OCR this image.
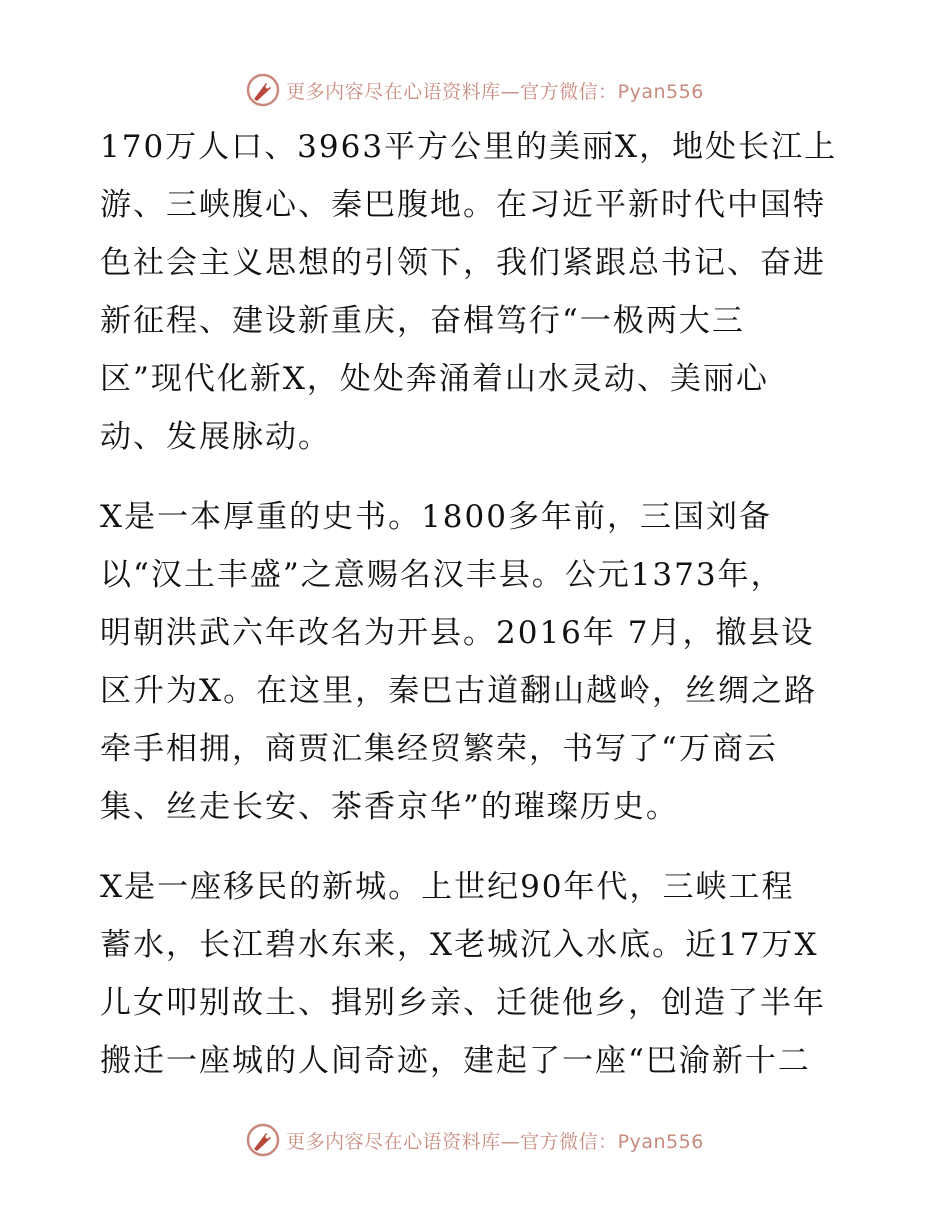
更多内容尽在心语资料库—官方微信：Pyan556
170万人口、3963平方公里的美丽X，地处长江上
游、三峡腹心、秦巴腹地。在习近平新时代中国特
色社会主义思想的引领下，我们紧跟总书记、奋进
新征程、建设新重庆，奋楫笃行“一极两大三
区”现代化新X，处处奔涌着山水灵动、美丽心
动、发展脉动。
X是一本厚重的史书。1800多年前，三国刘备
以“汉土丰盛”之意赐名汉丰县。公元1373年，
明朝洪武六年改名为开县。2016年 7月，撤县设
区升为X。在这里，秦巴古道翻山越岭，丝绸之路
牵手相拥，商贾汇集经贸繁荣，书写了“万商云
集、丝走长安、茶香京华”的璀璨历史。
X是一座移民的新城。上世纪90年代，三峡工程
蓄水，长江碧水东来，X老城沉入水底。近17万X
儿女叩别故土、揖别乡亲、迁徙他乡，创造了半年
搬迁一座城的人间奇迹，建起了一座“巴渝新十二
更多内容尽在心语资料库—官方微信：Pyan556
